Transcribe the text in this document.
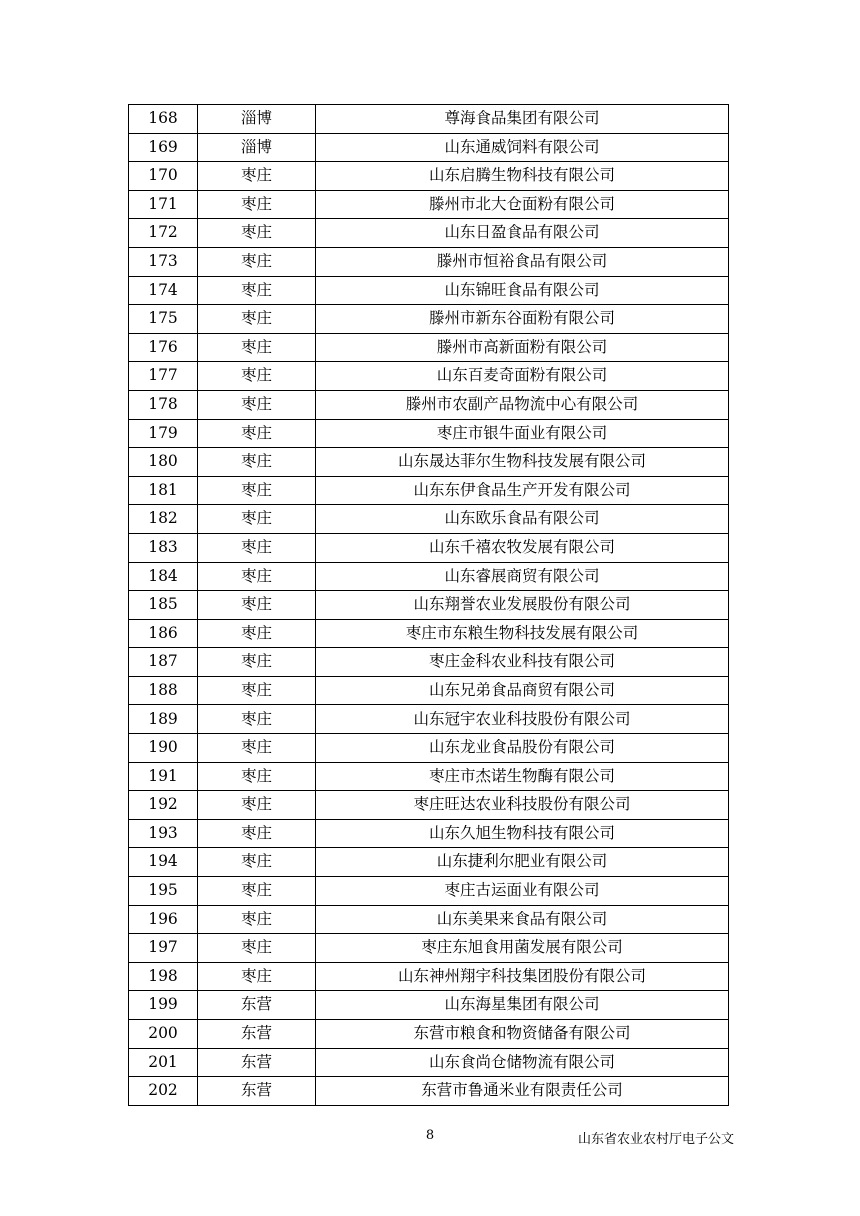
168	淄博	尊海食品集团有限公司
169	淄博	山东通威饲料有限公司
170	枣庄	山东启腾生物科技有限公司
171	枣庄	滕州市北大仓面粉有限公司
172	枣庄	山东日盈食品有限公司
173	枣庄	滕州市恒裕食品有限公司
174	枣庄	山东锦旺食品有限公司
175	枣庄	滕州市新东谷面粉有限公司
176	枣庄	滕州市高新面粉有限公司
177	枣庄	山东百麦奇面粉有限公司
178	枣庄	滕州市农副产品物流中心有限公司
179	枣庄	枣庄市银牛面业有限公司
180	枣庄	山东晟达菲尔生物科技发展有限公司
181	枣庄	山东东伊食品生产开发有限公司
182	枣庄	山东欧乐食品有限公司
183	枣庄	山东千禧农牧发展有限公司
184	枣庄	山东睿展商贸有限公司
185	枣庄	山东翔誉农业发展股份有限公司
186	枣庄	枣庄市东粮生物科技发展有限公司
187	枣庄	枣庄金科农业科技有限公司
188	枣庄	山东兄弟食品商贸有限公司
189	枣庄	山东冠宇农业科技股份有限公司
190	枣庄	山东龙业食品股份有限公司
191	枣庄	枣庄市杰诺生物酶有限公司
192	枣庄	枣庄旺达农业科技股份有限公司
193	枣庄	山东久旭生物科技有限公司
194	枣庄	山东捷利尔肥业有限公司
195	枣庄	枣庄古运面业有限公司
196	枣庄	山东美果来食品有限公司
197	枣庄	枣庄东旭食用菌发展有限公司
198	枣庄	山东神州翔宇科技集团股份有限公司
199	东营	山东海星集团有限公司
200	东营	东营市粮食和物资储备有限公司
201	东营	山东食尚仓储物流有限公司
202	东营	东营市鲁通米业有限责任公司
8	山东省农业农村厅电子公文
